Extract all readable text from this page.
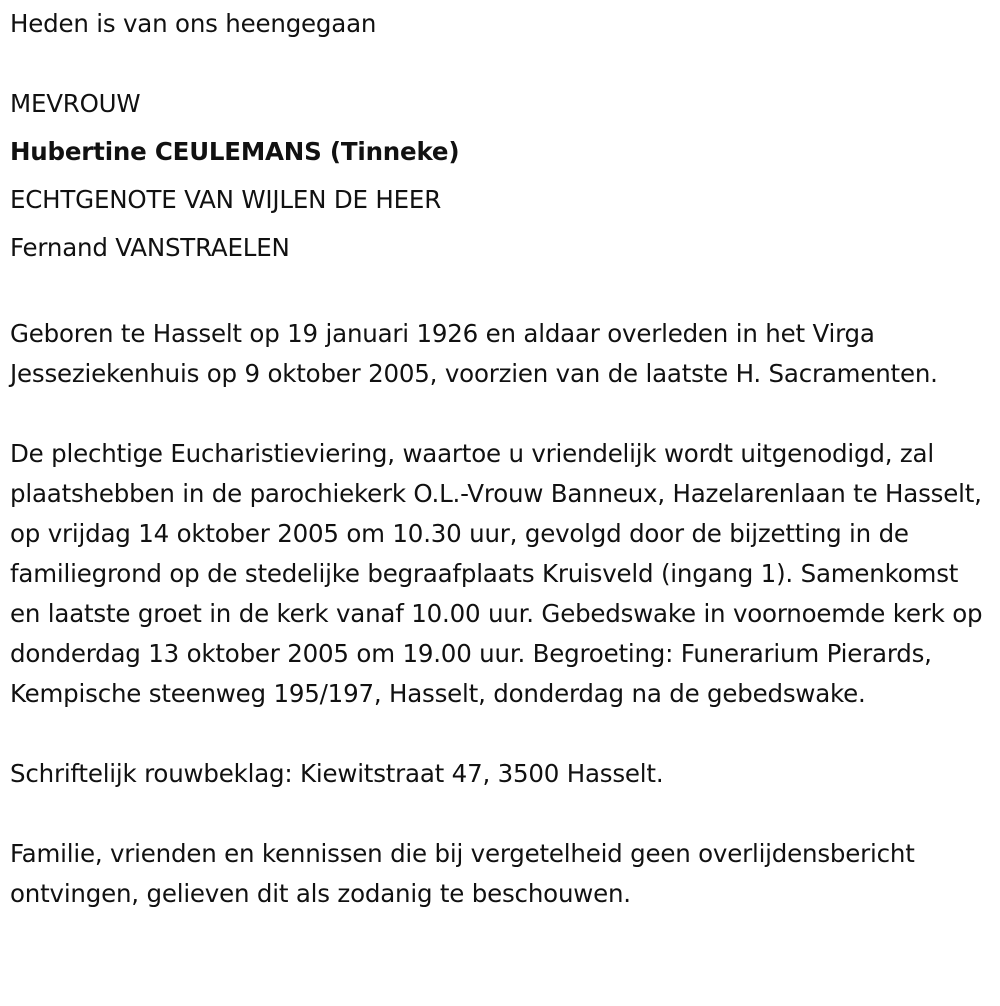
Heden is van ons heengegaan
MEVROUW
Hubertine CEULEMANS (Tinneke)
ECHTGENOTE VAN WIJLEN DE HEER
Fernand VANSTRAELEN

Geboren te Hasselt op 19 januari 1926 en aldaar overleden in het Virga Jesseziekenhuis op 9 oktober 2005, voorzien van de laatste H. Sacramenten.

De plechtige Eucharistieviering, waartoe u vriendelijk wordt uitgenodigd, zal plaatshebben in de parochiekerk O.L.-Vrouw Banneux, Hazelarenlaan te Hasselt, op vrijdag 14 oktober 2005 om 10.30 uur, gevolgd door de bijzetting in de familiegrond op de stedelijke begraafplaats Kruisveld (ingang 1). Samenkomst en laatste groet in de kerk vanaf 10.00 uur. Gebedswake in voornoemde kerk op donderdag 13 oktober 2005 om 19.00 uur. Begroeting: Funerarium Pierards, Kempische steenweg 195/197, Hasselt, donderdag na de gebedswake.

Schriftelijk rouwbeklag: Kiewitstraat 47, 3500 Hasselt.

Familie, vrienden en kennissen die bij vergetelheid geen overlijdensbericht ontvingen, gelieven dit als zodanig te beschouwen.
